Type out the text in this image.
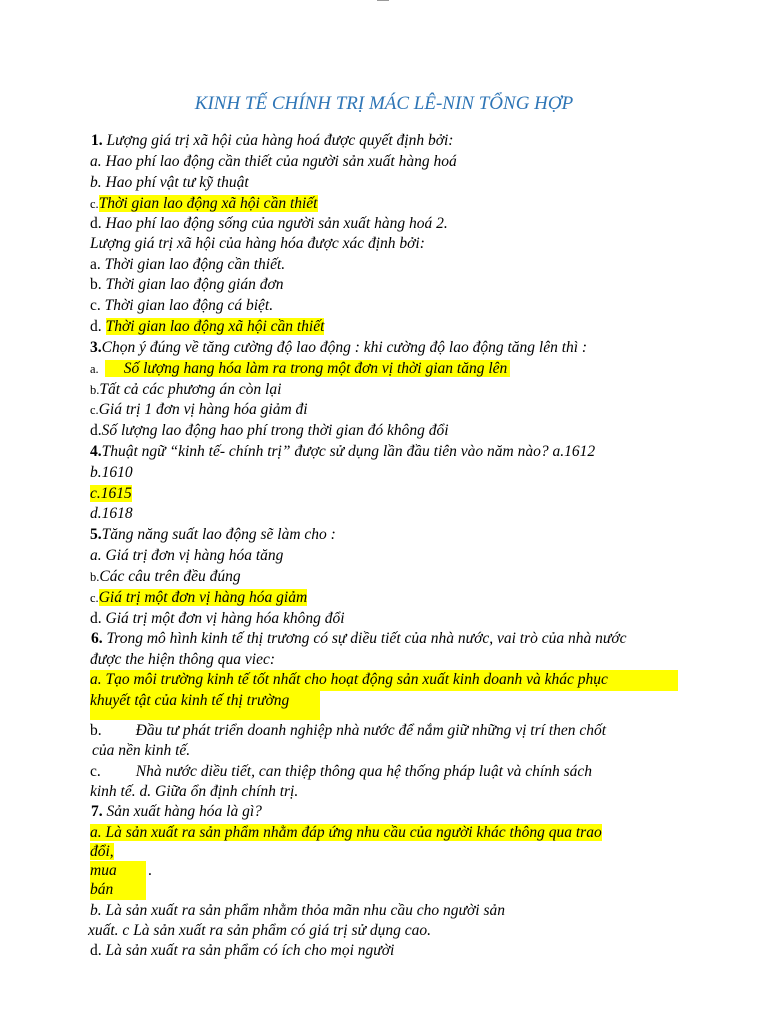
KINH TẾ CHÍNH TRỊ MÁC LÊ-NIN TỔNG HỢP
1. Lượng giá trị xã hội của hàng hoá được quyết định bởi:
a. Hao phí lao động cần thiết của người sản xuất hàng hoá
b. Hao phí vật tư kỹ thuật
c.Thời gian lao động xã hội cần thiết
d. Hao phí lao động sống của người sản xuất hàng hoá 2.
Lượng giá trị xã hội của hàng hóa được xác định bởi:
a. Thời gian lao động cần thiết.
b. Thời gian lao động gián đơn
c. Thời gian lao động cá biệt.
d. Thời gian lao động xã hội cần thiết
3.Chọn ý đúng về tăng cường độ lao động : khi cường độ lao động tăng lên thì :
a. Số lượng hang hóa làm ra trong một đơn vị thời gian tăng lên
b.Tất cả các phương án còn lại
c.Giá trị 1 đơn vị hàng hóa giảm đi
d.Số lượng lao động hao phí trong thời gian đó không đổi
4.Thuật ngữ “kinh tế- chính trị” được sử dụng lần đầu tiên vào năm nào? a.1612
b.1610
c.1615
d.1618
5.Tăng năng suất lao động sẽ làm cho :
a. Giá trị đơn vị hàng hóa tăng
b.Các câu trên đều đúng
c.Giá trị một đơn vị hàng hóa giảm
d. Giá trị một đơn vị hàng hóa không đổi
6. Trong mô hình kinh tế thị trương có sự diều tiết của nhà nước, vai trò của nhà nước
được the hiện thông qua viec:
a. Tạo môi trường kinh tế tốt nhất cho hoạt động sản xuất kinh doanh và khác phục
khuyết tật của kinh tế thị trường
b. Đầu tư phát triển doanh nghiệp nhà nước để nắm giữ những vị trí then chốt
của nền kinh tế.
c. Nhà nước diều tiết, can thiệp thông qua hệ thống pháp luật và chính sách
kinh tế. d. Giữa ổn định chính trị.
7. Sản xuất hàng hóa là gì?
a. Là sản xuất ra sản phẩm nhằm đáp ứng nhu cầu của người khác thông qua trao
đổi,
mua .
bán
b. Là sản xuất ra sản phẩm nhằm thỏa mãn nhu cầu cho người sản
xuất. c Là sản xuất ra sản phẩm có giá trị sử dụng cao.
d. Là sản xuất ra sản phẩm có ích cho mọi người
